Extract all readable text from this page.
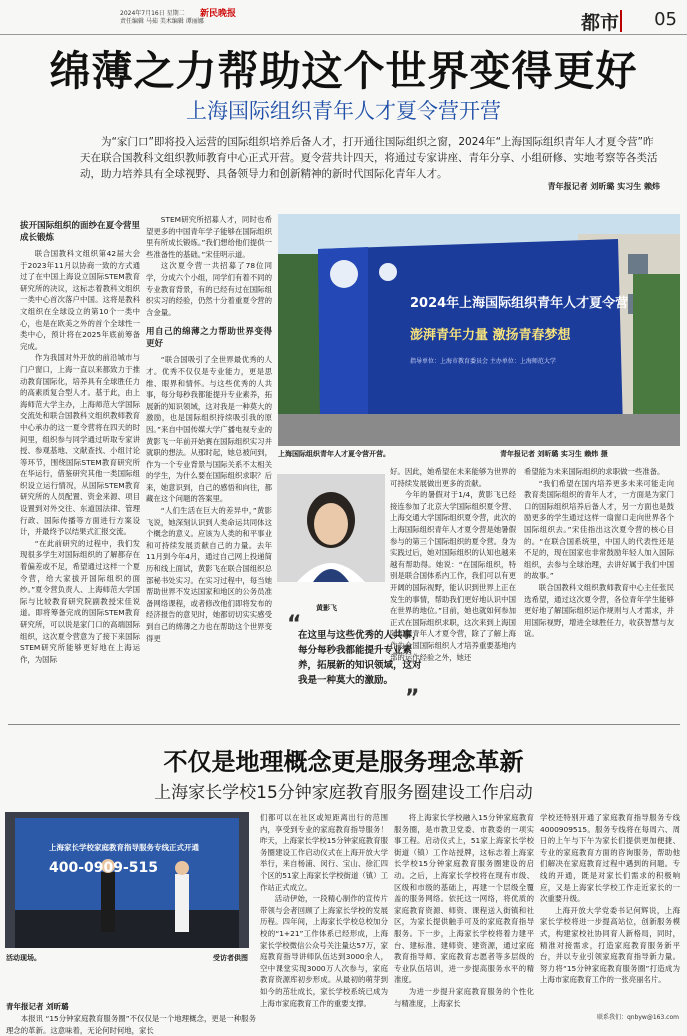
2024年7月16日 星期二
责任编辑 马茹 美术编辑 谭丽娜
新民晚报	都市 05
绵薄之力帮助这个世界变得更好
上海国际组织青年人才夏令营开营
为“家门口”即将投入运营的国际组织培养后备人才，打开通往国际组织之窗，2024年“上海国际组织青年人才夏令营”昨天在联合国教科文组织教师教育中心正式开营。夏令营共计四天，将通过专家讲座、青年分享、小组研修、实地考察等各类活动，助力培养具有全球视野、具备领导力和创新精神的新时代国际化青年人才。
青年报记者 刘昕璐 实习生 赖炜

拔开国际组织的面纱在夏令营里成长锻炼

联合国教科文组织第42届大会于2023年11月以协商一致的方式通过了在中国上海设立国际STEM教育研究所的决议，这标志着教科文组织一类中心首次落户中国。这将是教科文组织在全球设立的第10个一类中心，也是在欧美之外的首个全球性一类中心，预计将在2025年底前筹备完成。

作为我国对外开放的前沿城市与门户窗口，上海一直以来都致力于推动教育国际化，培养具有全球胜任力的高素质复合型人才。基于此，由上海师范大学主办，上海师范大学国际交流处和联合国教科文组织教师教育中心承办的这一夏令营将在四天的时间里，组织参与同学通过听取专家讲授、参观基地、文献查找、小组讨论等环节，围绕国际STEM教育研究所在华运行，借鉴研究其他一类国际组织设立运行情况，从国际STEM教育研究所的人员配置、资金来源、项目设置到对外交往、东道国法律、管理行政、国际传播等方面进行方案设计，并最终予以结果式汇报交流。

“在此前研究的过程中，我们发现很多学生对国际组织的了解都存在着偏差或不足，希望通过这样一个夏令营，给大家拔开国际组织的面纱。”夏令营负责人、上海师范大学国际与比较教育研究院副教授宋佳说道。即将筹备完成的国际STEM教育研究所，可以说是家门口的高端国际组织，这次夏令营意为了接下来国际STEM研究所能够更好地在上海运作，为国际

STEM研究所招募人才，同时也希望更多的中国青年学子能够在国际组织里有所成长锻炼。”我们想给他们提供一些准备性的基础。”宋佳明示道。

这次夏令营一共招募了78位同学，分成六个小组，同学们有着不同的专业教育背景，有的已经有过在国际组织实习的经验，仍然十分着重夏令营的含金量。

用自己的绵薄之力帮助世界变得更好

“联合国吸引了全世界最优秀的人才。优秀不仅仅是专业能力，更是思维、眼界和情怀。与这些优秀的人共事，每分每秒我都能提升专业素养，拓展新的知识领域，这对我是一种莫大的激励，也是国际组织持续吸引我的原因。”来自中国传媒大学广播电视专业的黄影飞一年前开始赛在国际组织实习并就职的想法。从那时起，她总被问到，作为一个专业背景与国际关系不太相关的学生，为什么要在国际组织求职？后来，她意识到，自己的感悟和向往，都藏在这个问题的答案里。

“人们生活在巨大的差异中，”黄影飞说，她深刻认识到人类命运共同体这个概念的意义。应该为人类的和平事业和可持续发展贡献自己的力量。去年11月到今年4月，通过自己网上投递简历和线上面试，黄影飞在联合国组织总部秘书处实习。在实习过程中，每当她帮助世界不发达国家和地区的公务员准备网络课程，或者修改他们即将发布的经济报告的意见时，她都切切实实感受到自己的绵薄之力也在帮助这个世界变得更

2024年上海国际组织青年人才夏令营
澎湃青年力量 激扬青春梦想
指导单位：上海市教育委员会 主办单位：上海师范大学
上海国际组织青年人才夏令营开营。	青年报记者 刘昕璐 实习生 赖炜 摄
黄影飞
“
在这里与这些优秀的人共事，每分每秒我都能提升专业素养，拓展新的知识领域，这对我是一种莫大的激励。
”

好。因此，她希望在未来能够为世界的可持续发展做出更多的贡献。

今年的暑假对于1/4，黄影飞已经接连参加了北京大学国际组织夏令营、上海交通大学国际组织夏令营，此次的上海国际组织青年人才夏令营是她暑假参与的第三个国际组织的夏令营。身为实践过后，她对国际组织的认知也越来越有帮助得。她说：“在国际组织，特别是联合国体系内工作，我们可以有更开阔的国际视野，能认识到世界上正在发生的事情，帮助我们更好地认识中国在世界的地位。”目前，她也就如何参加正式在国际组织求职，这次来到上海国际组织青年人才夏令营，除了了解上海作为全国国际组织人才培养重要基地内部的运作经验之外，她还

希望能为未来国际组织的求职做一些准备。

“我们希望在国内培养更多未来可能走向教育类国际组织的青年人才，一方面是为家门口的国际组织培养后备人才，另一方面也是鼓励更多的学生通过这样一扇窗口走向世界各个国际组织去。”宋佳指出这次夏令营的核心目的。“在联合国系统里，中国人的代表性还是不足的，现在国家也非常鼓励年轻人加入国际组织，去参与全球治理，去讲好属于我们中国的故事。”

联合国教科文组织教师教育中心主任张民选希望，通过这次夏令营，各位青年学生能够更好地了解国际组织运作规则与人才需求，并用国际视野，增进全球胜任力，收获智慧与友谊。

不仅是地理概念更是服务理念革新
上海家长学校15分钟家庭教育服务圈建设工作启动
上海家长学校家庭教育指导服务专线正式开通
400-0909-515
活动现场。	受访者供图
青年报记者 刘昕璐

本报讯 “15分钟家庭教育服务圈”不仅仅是一个地理概念，更是一种服务理念的革新。这意味着，无论何时何地，家长

们都可以在社区或短距离出行的范围内，享受到专业的家庭教育指导服务！昨天，上海家长学校15分钟家庭教育服务圈建设工作启动仪式在上海开放大学举行，来自杨浦、闵行、宝山、徐汇四个区的51家上海家长学校街道（镇）工作站正式成立。

活动伊始，一段精心制作的宣传片带领与会者回顾了上海家长学校的发展历程。四年间，上海家长学校总校加分校的“1+21”工作体系已经形成，上海家长学校微信公众号关注量达57万，家庭教育指导讲师队伍达到3000余人，空中课堂实现3000万人次参与，家庭教育资源库初步形成。从最初的萌芽到如今的茁壮成长，家长学校系统已成为上海市家庭教育工作的重要支撑。

将上海家长学校融入15分钟家庭教育服务圈，是市教卫党委、市教委的一项实事工程。启动仪式上，51家上海家长学校街道（镇）工作站授牌，这标志着上海家长学校15分钟家庭教育服务圈建设的启动。之后，上海家长学校将在现有市级、区级和市级的基础上，再建一个层级全覆盖的服务网络。依托这一网络，将优质的家庭教育资源、师资、课程送入街镇和社区，为家长提供触手可及的家庭教育指导服务。下一步，上海家长学校将着力建平台、建标准、建师资、建资源，通过家庭教育指导师、家庭教育志愿者等多层级的专业队伍培训，进一步提高服务水平的精准度。

为进一步提升家庭教育服务的个性化与精准度，上海家长

学校还特别开通了家庭教育指导服务专线4000909515。服务专线将在每周六、周日的上午与下午为家长们提供更加便捷、专业的家庭教育方面的咨询服务，帮助他们解决在家庭教育过程中遇到的问题。专线的开通，既是对家长们需求的积极响应，又是上海家长学校工作走近家长的一次重要升级。

上海开放大学党委书记何辉说，上海家长学校将进一步提高站位，创新服务模式，构建家校社协同育人新格局，同时，精准对接需求，打造家庭教育服务新平台，并以专业引领家庭教育指导新力量。努力将“15分钟家庭教育服务圈”打造成为上海市家庭教育工作的一张亮丽名片。

联系我们：qnbyw@163.com
